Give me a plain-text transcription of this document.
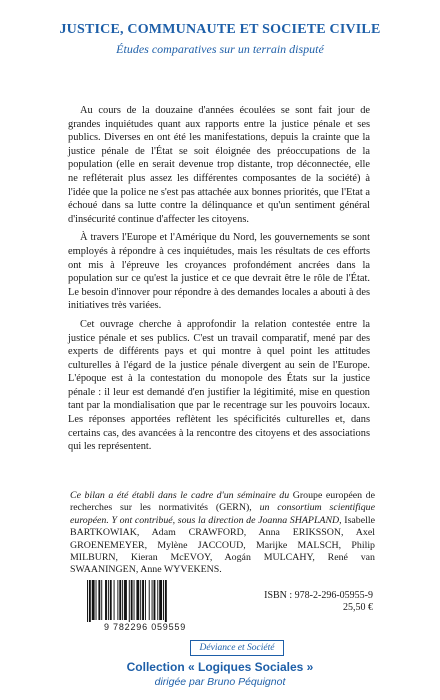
JUSTICE, COMMUNAUTE ET SOCIETE CIVILE
Études comparatives sur un terrain disputé

Au cours de la douzaine d'années écoulées se sont fait jour de grandes inquiétudes quant aux rapports entre la justice pénale et ses publics. Diverses en ont été les manifestations, depuis la crainte que la justice pénale de l'État se soit éloignée des préoccupations de la population (elle en serait devenue trop distante, trop déconnectée, elle ne refléterait plus assez les différentes composantes de la société) à l'idée que la police ne s'est pas attachée aux bonnes priorités, que l'Etat a échoué dans sa lutte contre la délinquance et qu'un sentiment général d'insécurité continue d'affecter les citoyens.

À travers l'Europe et l'Amérique du Nord, les gouvernements se sont employés à répondre à ces inquiétudes, mais les résultats de ces efforts ont mis à l'épreuve les croyances profondément ancrées dans la population sur ce qu'est la justice et ce que devrait être le rôle de l'État. Le besoin d'innover pour répondre à des demandes locales a abouti à des initiatives très variées.

Cet ouvrage cherche à approfondir la relation contestée entre la justice pénale et ses publics. C'est un travail comparatif, mené par des experts de différents pays et qui montre à quel point les attitudes culturelles à l'égard de la justice pénale divergent au sein de l'Europe. L'époque est à la contestation du monopole des États sur la justice pénale : il leur est demandé d'en justifier la légitimité, mise en question tant par la mondialisation que par le recentrage sur les pouvoirs locaux. Les réponses apportées reflètent les spécificités culturelles et, dans certains cas, des avancées à la rencontre des citoyens et des associations qui les représentent.

Ce bilan a été établi dans le cadre d'un séminaire du Groupe européen de recherches sur les normativités (GERN), un consortium scientifique européen. Y ont contribué, sous la direction de Joanna SHAPLAND, Isabelle BARTKOWIAK, Adam CRAWFORD, Anna ERIKSSON, Axel GROENEMEYER, Mylène JACCOUD, Marijke MALSCH, Philip MILBURN, Kieran McEVOY, Aogán MULCAHY, René van SWAANINGEN, Anne WYVEKENS.
9 782296 059559
ISBN : 978-2-296-05955-9
25,50 €
Déviance et Société
Collection « Logiques Sociales »
dirigée par Bruno Péquignot
